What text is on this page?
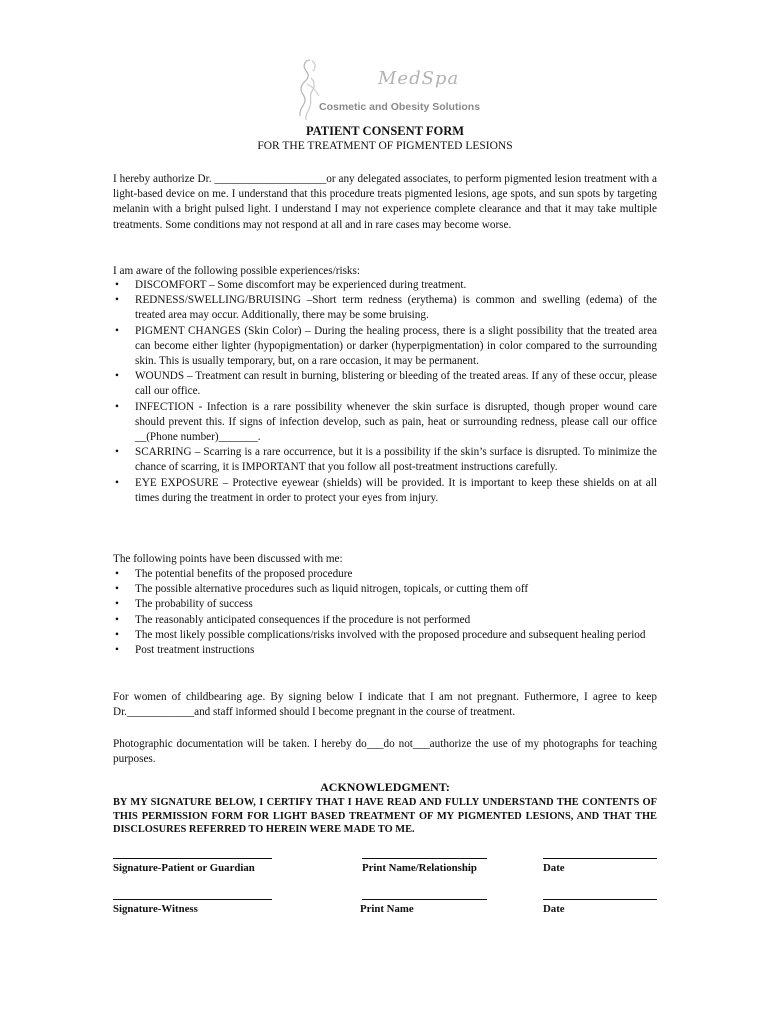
MedSpa
Cosmetic and Obesity Solutions
PATIENT CONSENT FORM
FOR THE TREATMENT OF PIGMENTED LESIONS
I hereby authorize Dr. ____________________or any delegated associates, to perform pigmented lesion treatment with a light-based device on me. I understand that this procedure treats pigmented lesions, age spots, and sun spots by targeting melanin with a bright pulsed light. I understand I may not experience complete clearance and that it may take multiple treatments. Some conditions may not respond at all and in rare cases may become worse.
I am aware of the following possible experiences/risks:
• DISCOMFORT – Some discomfort may be experienced during treatment.
• REDNESS/SWELLING/BRUISING –Short term redness (erythema) is common and swelling (edema) of the treated area may occur. Additionally, there may be some bruising.
• PIGMENT CHANGES (Skin Color) – During the healing process, there is a slight possibility that the treated area can become either lighter (hypopigmentation) or darker (hyperpigmentation) in color compared to the surrounding skin. This is usually temporary, but, on a rare occasion, it may be permanent.
• WOUNDS – Treatment can result in burning, blistering or bleeding of the treated areas. If any of these occur, please call our office.
• INFECTION - Infection is a rare possibility whenever the skin surface is disrupted, though proper wound care should prevent this. If signs of infection develop, such as pain, heat or surrounding redness, please call our office __(Phone number)_______.
• SCARRING – Scarring is a rare occurrence, but it is a possibility if the skin’s surface is disrupted. To minimize the chance of scarring, it is IMPORTANT that you follow all post-treatment instructions carefully.
• EYE EXPOSURE – Protective eyewear (shields) will be provided. It is important to keep these shields on at all times during the treatment in order to protect your eyes from injury.
The following points have been discussed with me:
• The potential benefits of the proposed procedure
• The possible alternative procedures such as liquid nitrogen, topicals, or cutting them off
• The probability of success
• The reasonably anticipated consequences if the procedure is not performed
• The most likely possible complications/risks involved with the proposed procedure and subsequent healing period
• Post treatment instructions
For women of childbearing age. By signing below I indicate that I am not pregnant. Futhermore, I agree to keep Dr.____________and staff informed should I become pregnant in the course of treatment.
Photographic documentation will be taken. I hereby do___do not___authorize the use of my photographs for teaching purposes.
ACKNOWLEDGMENT:
BY MY SIGNATURE BELOW, I CERTIFY THAT I HAVE READ AND FULLY UNDERSTAND THE CONTENTS OF THIS PERMISSION FORM FOR LIGHT BASED TREATMENT OF MY PIGMENTED LESIONS, AND THAT THE DISCLOSURES REFERRED TO HEREIN WERE MADE TO ME.
Signature-Patient or Guardian	Print Name/Relationship	Date
Signature-Witness	Print Name	Date
